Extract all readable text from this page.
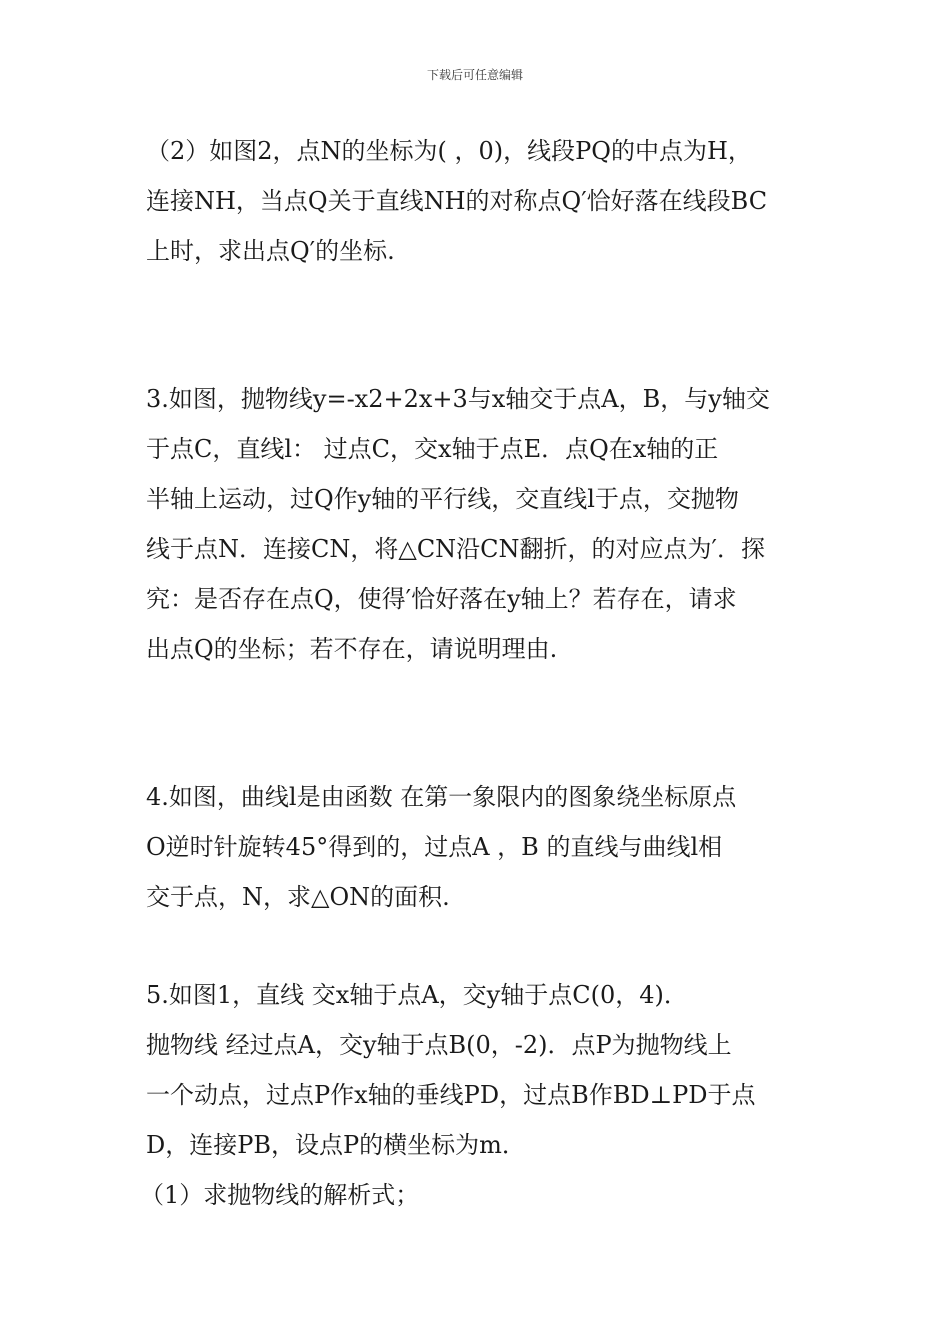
下载后可任意编辑

（2）如图2，点N的坐标为( ，0)，线段PQ的中点为H，
连接NH，当点Q关于直线NH的对称点Q′恰好落在线段BC
上时，求出点Q′的坐标.

3.如图，抛物线y=-x2+2x+3与x轴交于点A，B，与y轴交
于点C，直线l： 过点C，交x轴于点E．点Q在x轴的正
半轴上运动，过Q作y轴的平行线，交直线l于点，交抛物
线于点N．连接CN，将△CN沿CN翻折，的对应点为′．探
究：是否存在点Q，使得′恰好落在y轴上？若存在，请求
出点Q的坐标；若不存在，请说明理由.

4.如图，曲线l是由函数 在第一象限内的图象绕坐标原点
O逆时针旋转45°得到的，过点A ，B 的直线与曲线l相
交于点，N，求△ON的面积.

5.如图1，直线 交x轴于点A，交y轴于点C(0，4)．
抛物线 经过点A，交y轴于点B(0，-2)．点P为抛物线上
一个动点，过点P作x轴的垂线PD，过点B作BD⊥PD于点
D，连接PB，设点P的横坐标为m．

（1）求抛物线的解析式；
